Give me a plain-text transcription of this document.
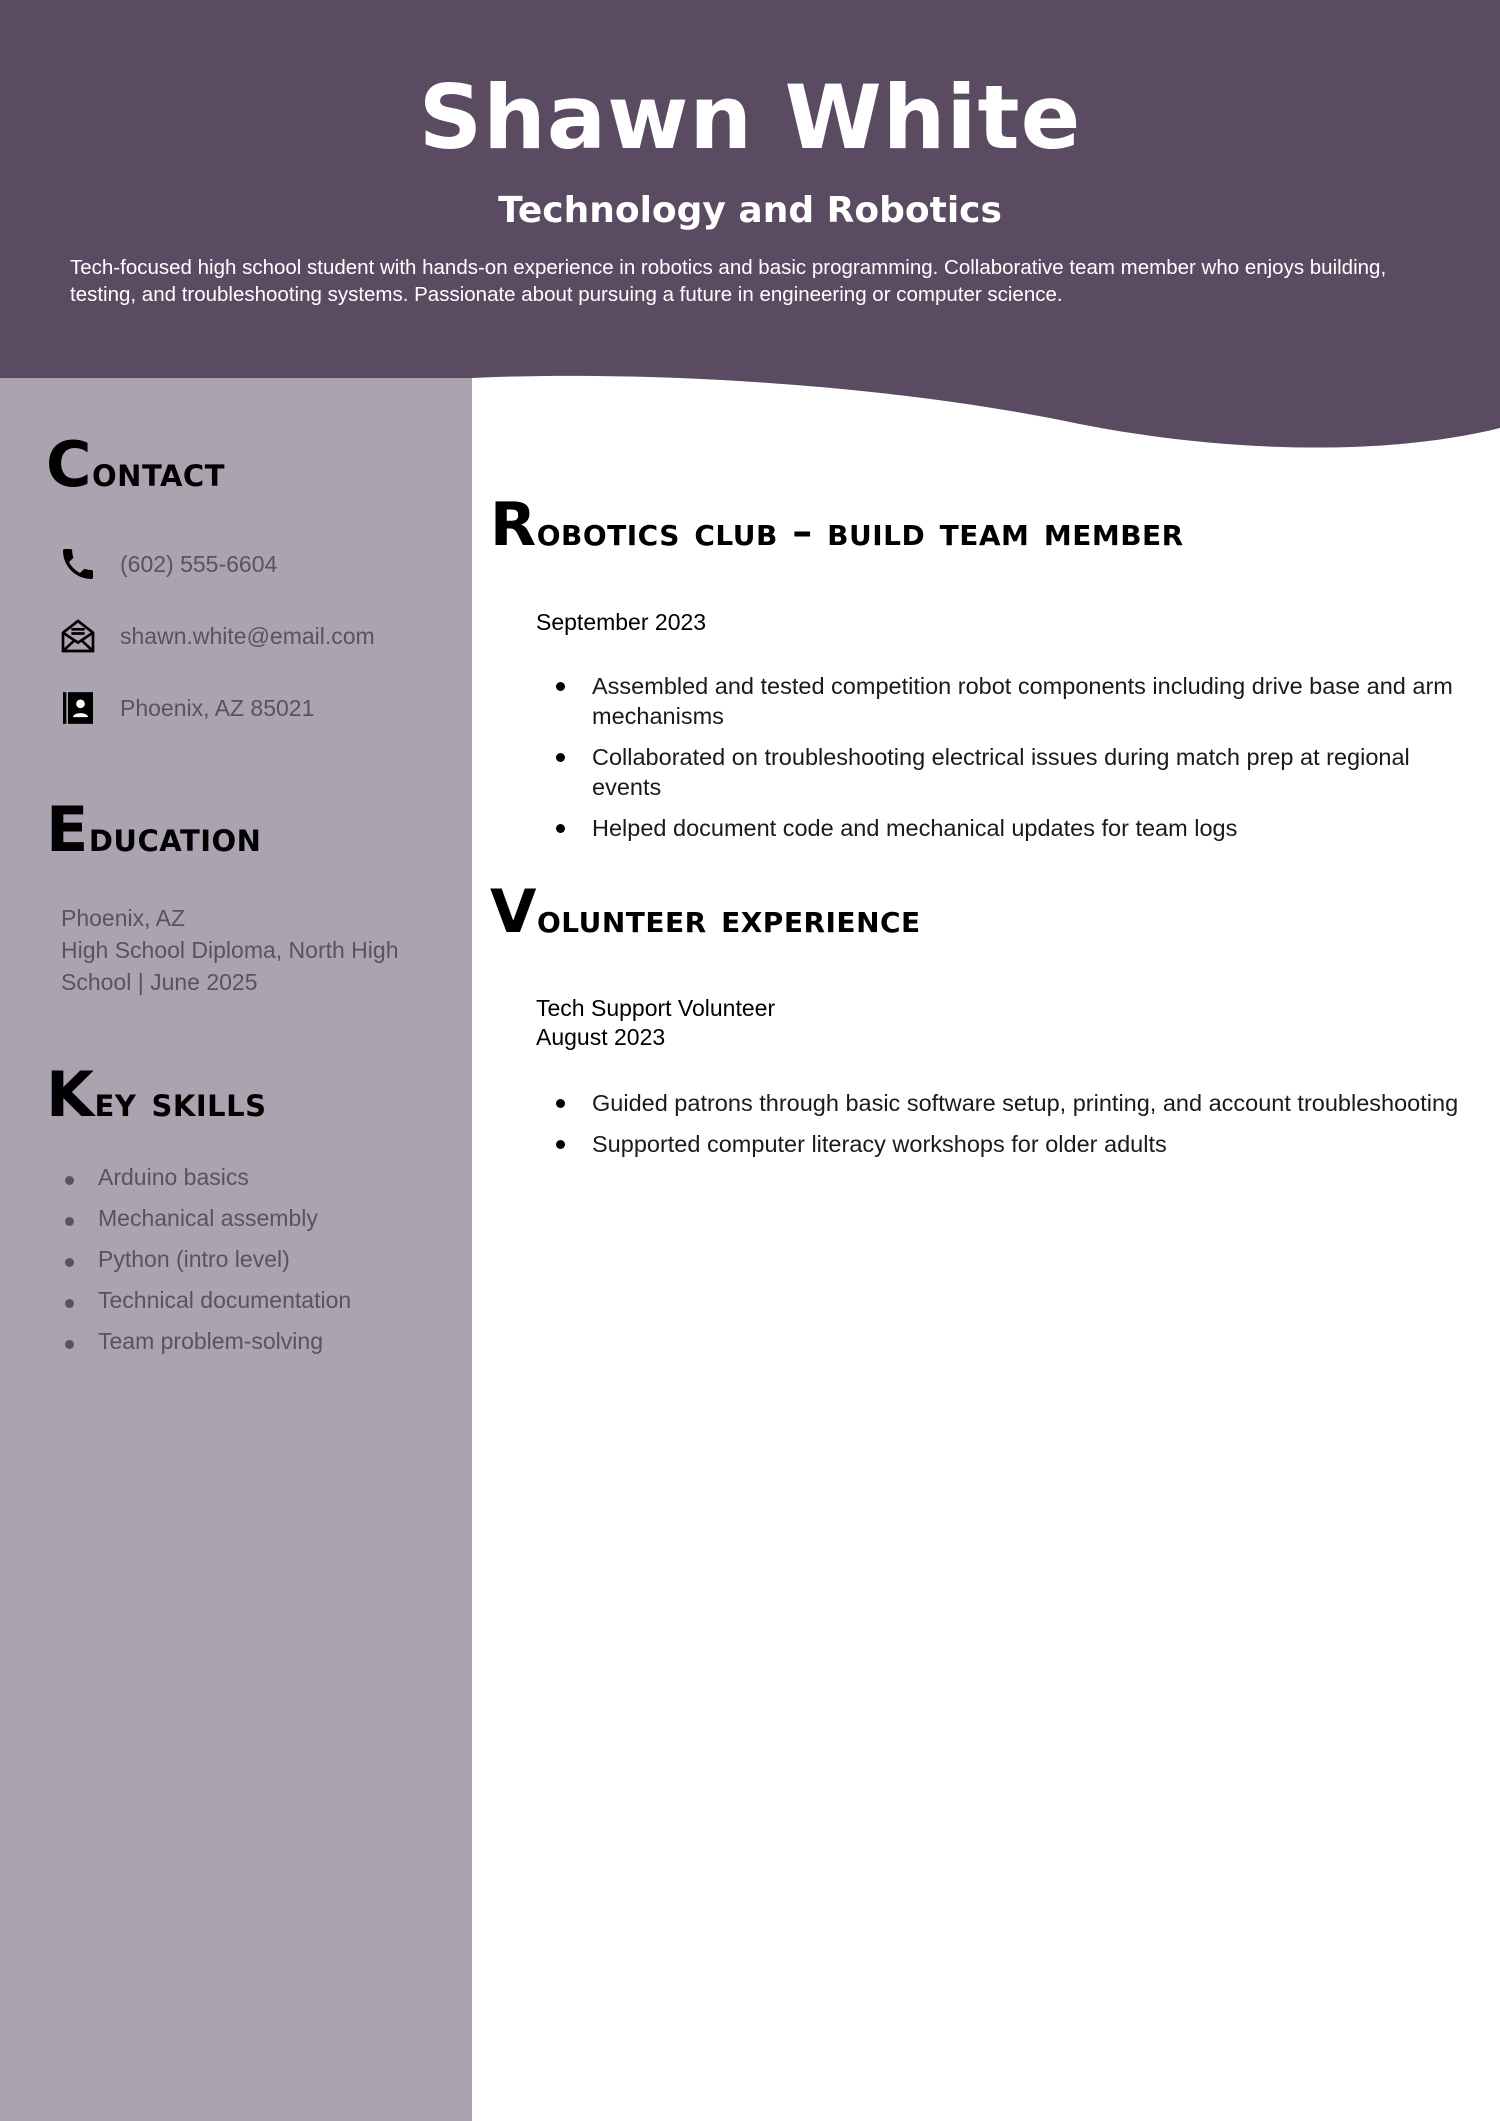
Shawn White
Technology and Robotics

Tech-focused high school student with hands-on experience in robotics and basic programming. Collaborative team member who enjoys building, testing, and troubleshooting systems. Passionate about pursuing a future in engineering or computer science.

Contact
(602) 555-6604
shawn.white@email.com
Phoenix, AZ 85021
Education
Phoenix, AZ
High School Diploma, North High School | June 2025
Key skills
Arduino basics
Mechanical assembly
Python (intro level)
Technical documentation
Team problem-solving
Robotics club – build team member

September 2023

Assembled and tested competition robot components including drive base and arm mechanisms
Collaborated on troubleshooting electrical issues during match prep at regional events
Helped document code and mechanical updates for team logs
Volunteer experience
Tech Support Volunteer
August 2023
Guided patrons through basic software setup, printing, and account troubleshooting
Supported computer literacy workshops for older adults
